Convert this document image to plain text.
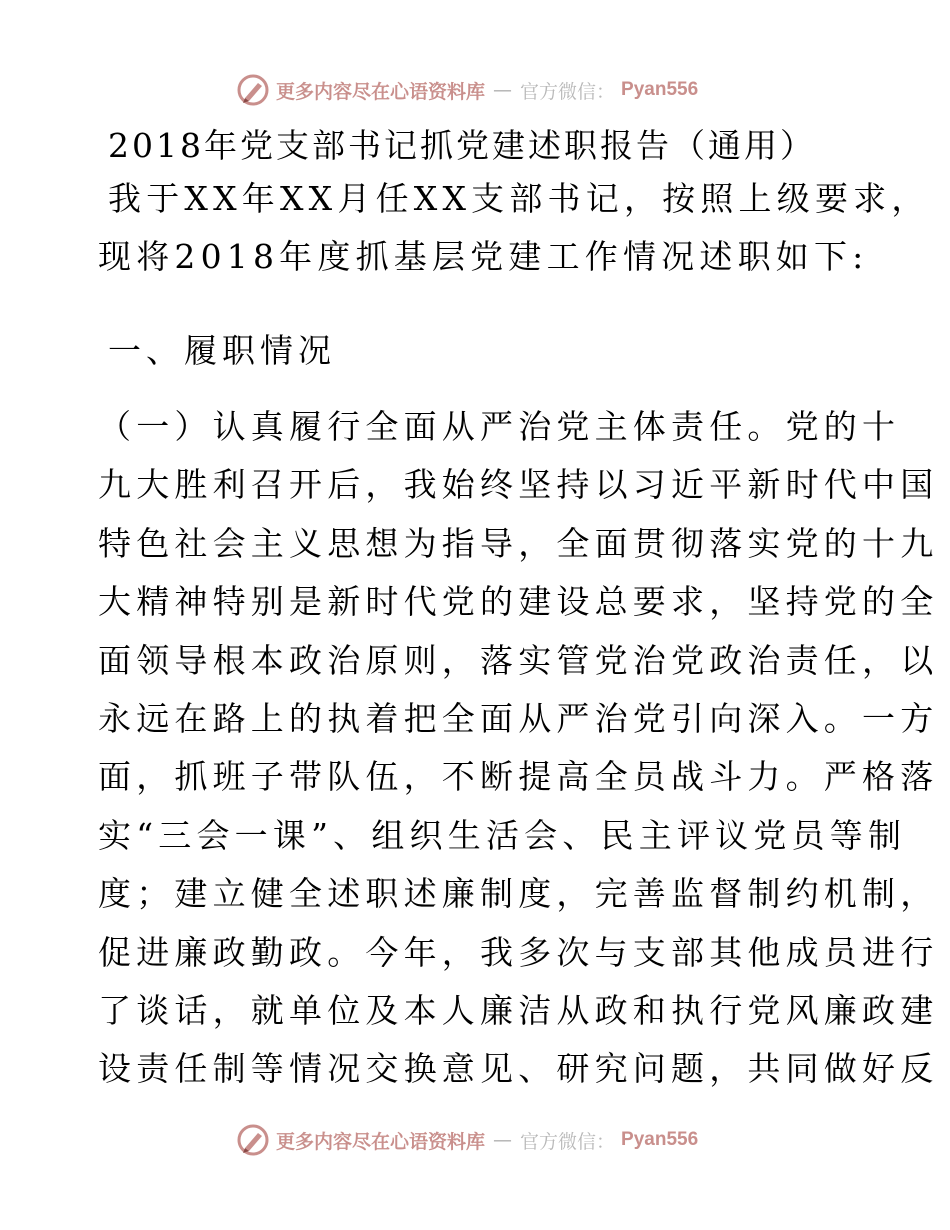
更多内容尽在心语资料库 — 官方微信： Pyan556
2018年党支部书记抓党建述职报告（通用）

我于XX年XX月任XX支部书记，按照上级要求，
现将2018年度抓基层党建工作情况述职如下:

一、履职情况

（一）认真履行全面从严治党主体责任。党的十
九大胜利召开后，我始终坚持以习近平新时代中国
特色社会主义思想为指导，全面贯彻落实党的十九
大精神特别是新时代党的建设总要求，坚持党的全
面领导根本政治原则，落实管党治党政治责任，以
永远在路上的执着把全面从严治党引向深入。一方
面，抓班子带队伍，不断提高全员战斗力。严格落
实“三会一课”、组织生活会、民主评议党员等制
度；建立健全述职述廉制度，完善监督制约机制，
促进廉政勤政。今年，我多次与支部其他成员进行
了谈话，就单位及本人廉洁从政和执行党风廉政建
设责任制等情况交换意见、研究问题，共同做好反

更多内容尽在心语资料库 — 官方微信： Pyan556
